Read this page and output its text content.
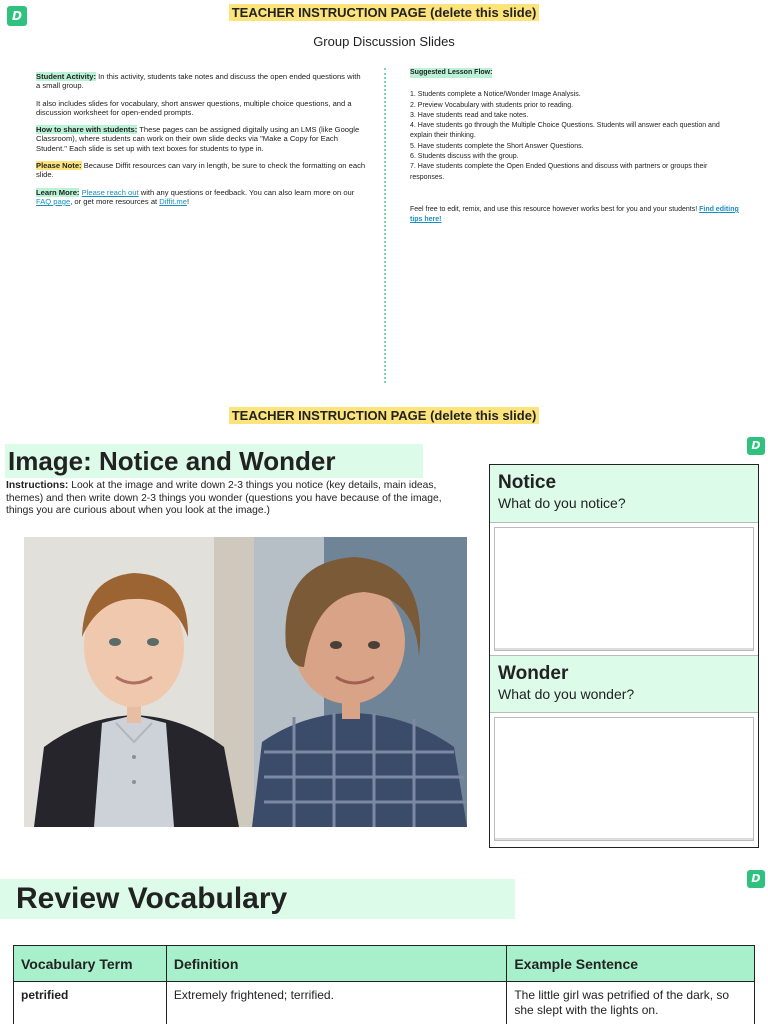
D	TEACHER INSTRUCTION PAGE (delete this slide)
Group Discussion Slides

Student Activity: In this activity, students take notes and discuss the open ended questions with a small group.

It also includes slides for vocabulary, short answer questions, multiple choice questions, and a discussion worksheet for open-ended prompts.

How to share with students: These pages can be assigned digitally using an LMS (like Google Classroom), where students can work on their own slide decks via "Make a Copy for Each Student." Each slide is set up with text boxes for students to type in.

Please Note: Because Diffit resources can vary in length, be sure to check the formatting on each slide.

Learn More: Please reach out with any questions or feedback. You can also learn more on our FAQ page, or get more resources at Diffit.me!

Suggested Lesson Flow:
1. Students complete a Notice/Wonder Image Analysis.
2. Preview Vocabulary with students prior to reading.
3. Have students read and take notes.
4. Have students go through the Multiple Choice Questions. Students will answer each question and explain their thinking.
5. Have students complete the Short Answer Questions.
6. Students discuss with the group.
7. Have students complete the Open Ended Questions and discuss with partners or groups their responses.

Feel free to edit, remix, and use this resource however works best for you and your students! Find editing tips here!

TEACHER INSTRUCTION PAGE (delete this slide)
D
Image: Notice and Wonder
Instructions: Look at the image and write down 2-3 things you notice (key details, main ideas, themes) and then write down 2-3 things you wonder (questions you have because of the image, things you are curious about when you look at the image.)
Notice
What do you notice?
Wonder
What do you wonder?
D
Review Vocabulary
Vocabulary Term	Definition	Example Sentence
petrified	Extremely frightened; terrified.	The little girl was petrified of the dark, so she slept with the lights on.
